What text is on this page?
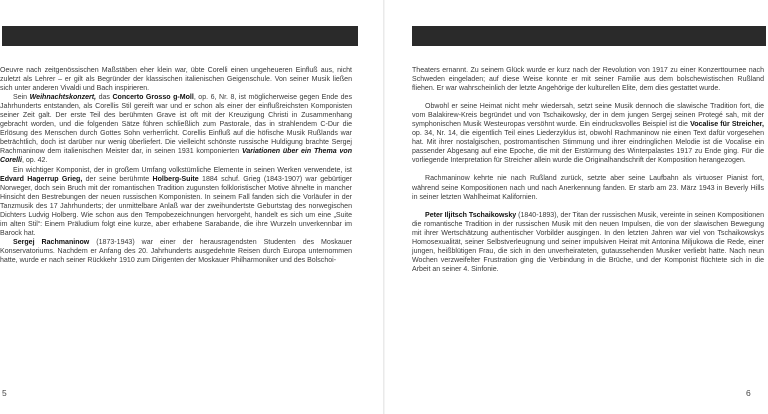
Oeuvre nach zeitgenössischen Maßstäben eher klein war, übte Corelli einen ungeheueren Einfluß aus, nicht zuletzt als Lehrer – er gilt als Begründer der klassischen italienischen Geigenschule. Von seiner Musik ließen sich unter anderen Vivaldi und Bach inspirieren.

Sein Weihnachtskonzert, das Concerto Grosso g-Moll, op. 6, Nr. 8, ist möglicherweise gegen Ende des Jahrhunderts entstanden, als Corellis Stil gereift war und er schon als einer der einflußreichsten Komponisten seiner Zeit galt. Der erste Teil des berühmten Grave ist oft mit der Kreuzigung Christi in Zusammenhang gebracht worden, und die folgenden Sätze führen schließlich zum Pastorale, das in strahlendem C-Dur die Erlösung des Menschen durch Gottes Sohn verherrlicht. Corellis Einfluß auf die höfische Musik Rußlands war beträchtlich, doch ist darüber nur wenig überliefert. Die vielleicht schönste russische Huldigung brachte Sergej Rachmaninow dem italienischen Meister dar, in seinen 1931 komponierten Variationen über ein Thema von Corelli, op. 42.

Ein wichtiger Komponist, der in großem Umfang volkstümliche Elemente in seinen Werken verwendete, ist Edvard Hagerrup Grieg, der seine berühmte Holberg-Suite 1884 schuf. Grieg (1843-1907) war gebürtiger Norweger, doch sein Bruch mit der romantischen Tradition zugunsten folkloristischer Motive ähnelte in mancher Hinsicht den Bestrebungen der neuen russischen Komponisten. In seinem Fall fanden sich die Vorläufer in der Tanzmusik des 17 Jahrhunderts; der unmittelbare Anlaß war der zweihundertste Geburtstag des norwegischen Dichters Ludvig Holberg. Wie schon aus den Tempobezeichnungen hervorgeht, handelt es sich um eine „Suite im alten Stil“: Einem Präludium folgt eine kurze, aber erhabene Sarabande, die ihre Wurzeln unverkennbar im Barock hat.

Sergej Rachmaninow (1873-1943) war einer der herausragendsten Studenten des Moskauer Konservatoriums. Nachdem er Anfang des 20. Jahrhunderts ausgedehnte Reisen durch Europa unternommen hatte, wurde er nach seiner Rückkehr 1910 zum Dirigenten der Moskauer Philharmoniker und des Bolschoi-

5

Theaters ernannt. Zu seinem Glück wurde er kurz nach der Revolution von 1917 zu einer Konzerttournee nach Schweden eingeladen; auf diese Weise konnte er mit seiner Familie aus dem bolschewistischen Rußland fliehen. Er war wahrscheinlich der letzte Angehörige der kulturellen Elite, dem dies gestattet wurde.

Obwohl er seine Heimat nicht mehr wiedersah, setzt seine Musik dennoch die slawische Tradition fort, die vom Balakirew-Kreis begründet und von Tschaikowsky, der in dem jungen Sergej seinen Protegé sah, mit der symphonischen Musik Westeuropas versöhnt wurde. Ein eindrucksvolles Beispiel ist die Vocalise für Streicher, op. 34, Nr. 14, die eigentlich Teil eines Liederzyklus ist, obwohl Rachmaninow nie einen Text dafür vorgesehen hat. Mit ihrer nostalgischen, postromantischen Stimmung und ihrer eindringlichen Melodie ist die Vocalise ein passender Abgesang auf eine Epoche, die mit der Erstürmung des Winterpalastes 1917 zu Ende ging. Für die vorliegende Interpretation für Streicher allein wurde die Originalhandschrift der Komposition herangezogen.

Rachmaninow kehrte nie nach Rußland zurück, setzte aber seine Laufbahn als virtuoser Pianist fort, während seine Kompositionen nach und nach Anerkennung fanden. Er starb am 23. März 1943 in Beverly Hills in seiner letzten Wahlheimat Kalifornien.

Peter Iljitsch Tschaikowsky (1840-1893), der Titan der russischen Musik, vereinte in seinen Kompositionen die romantische Tradition in der russischen Musik mit den neuen Impulsen, die von der slawischen Bewegung mit ihrer Wertschätzung authentischer Vorbilder ausgingen. In den letzten Jahren war viel von Tschaikowskys Homosexualität, seiner Selbstverleugnung und seiner impulsiven Heirat mit Antonina Miljukowa die Rede, einer jungen, heißblütigen Frau, die sich in den unverheirateten, gutaussehenden Musiker verliebt hatte. Nach neun Wochen verzweifelter Frustration ging die Verbindung in die Brüche, und der Komponist flüchtete sich in die Arbeit an seiner 4. Sinfonie.

6
